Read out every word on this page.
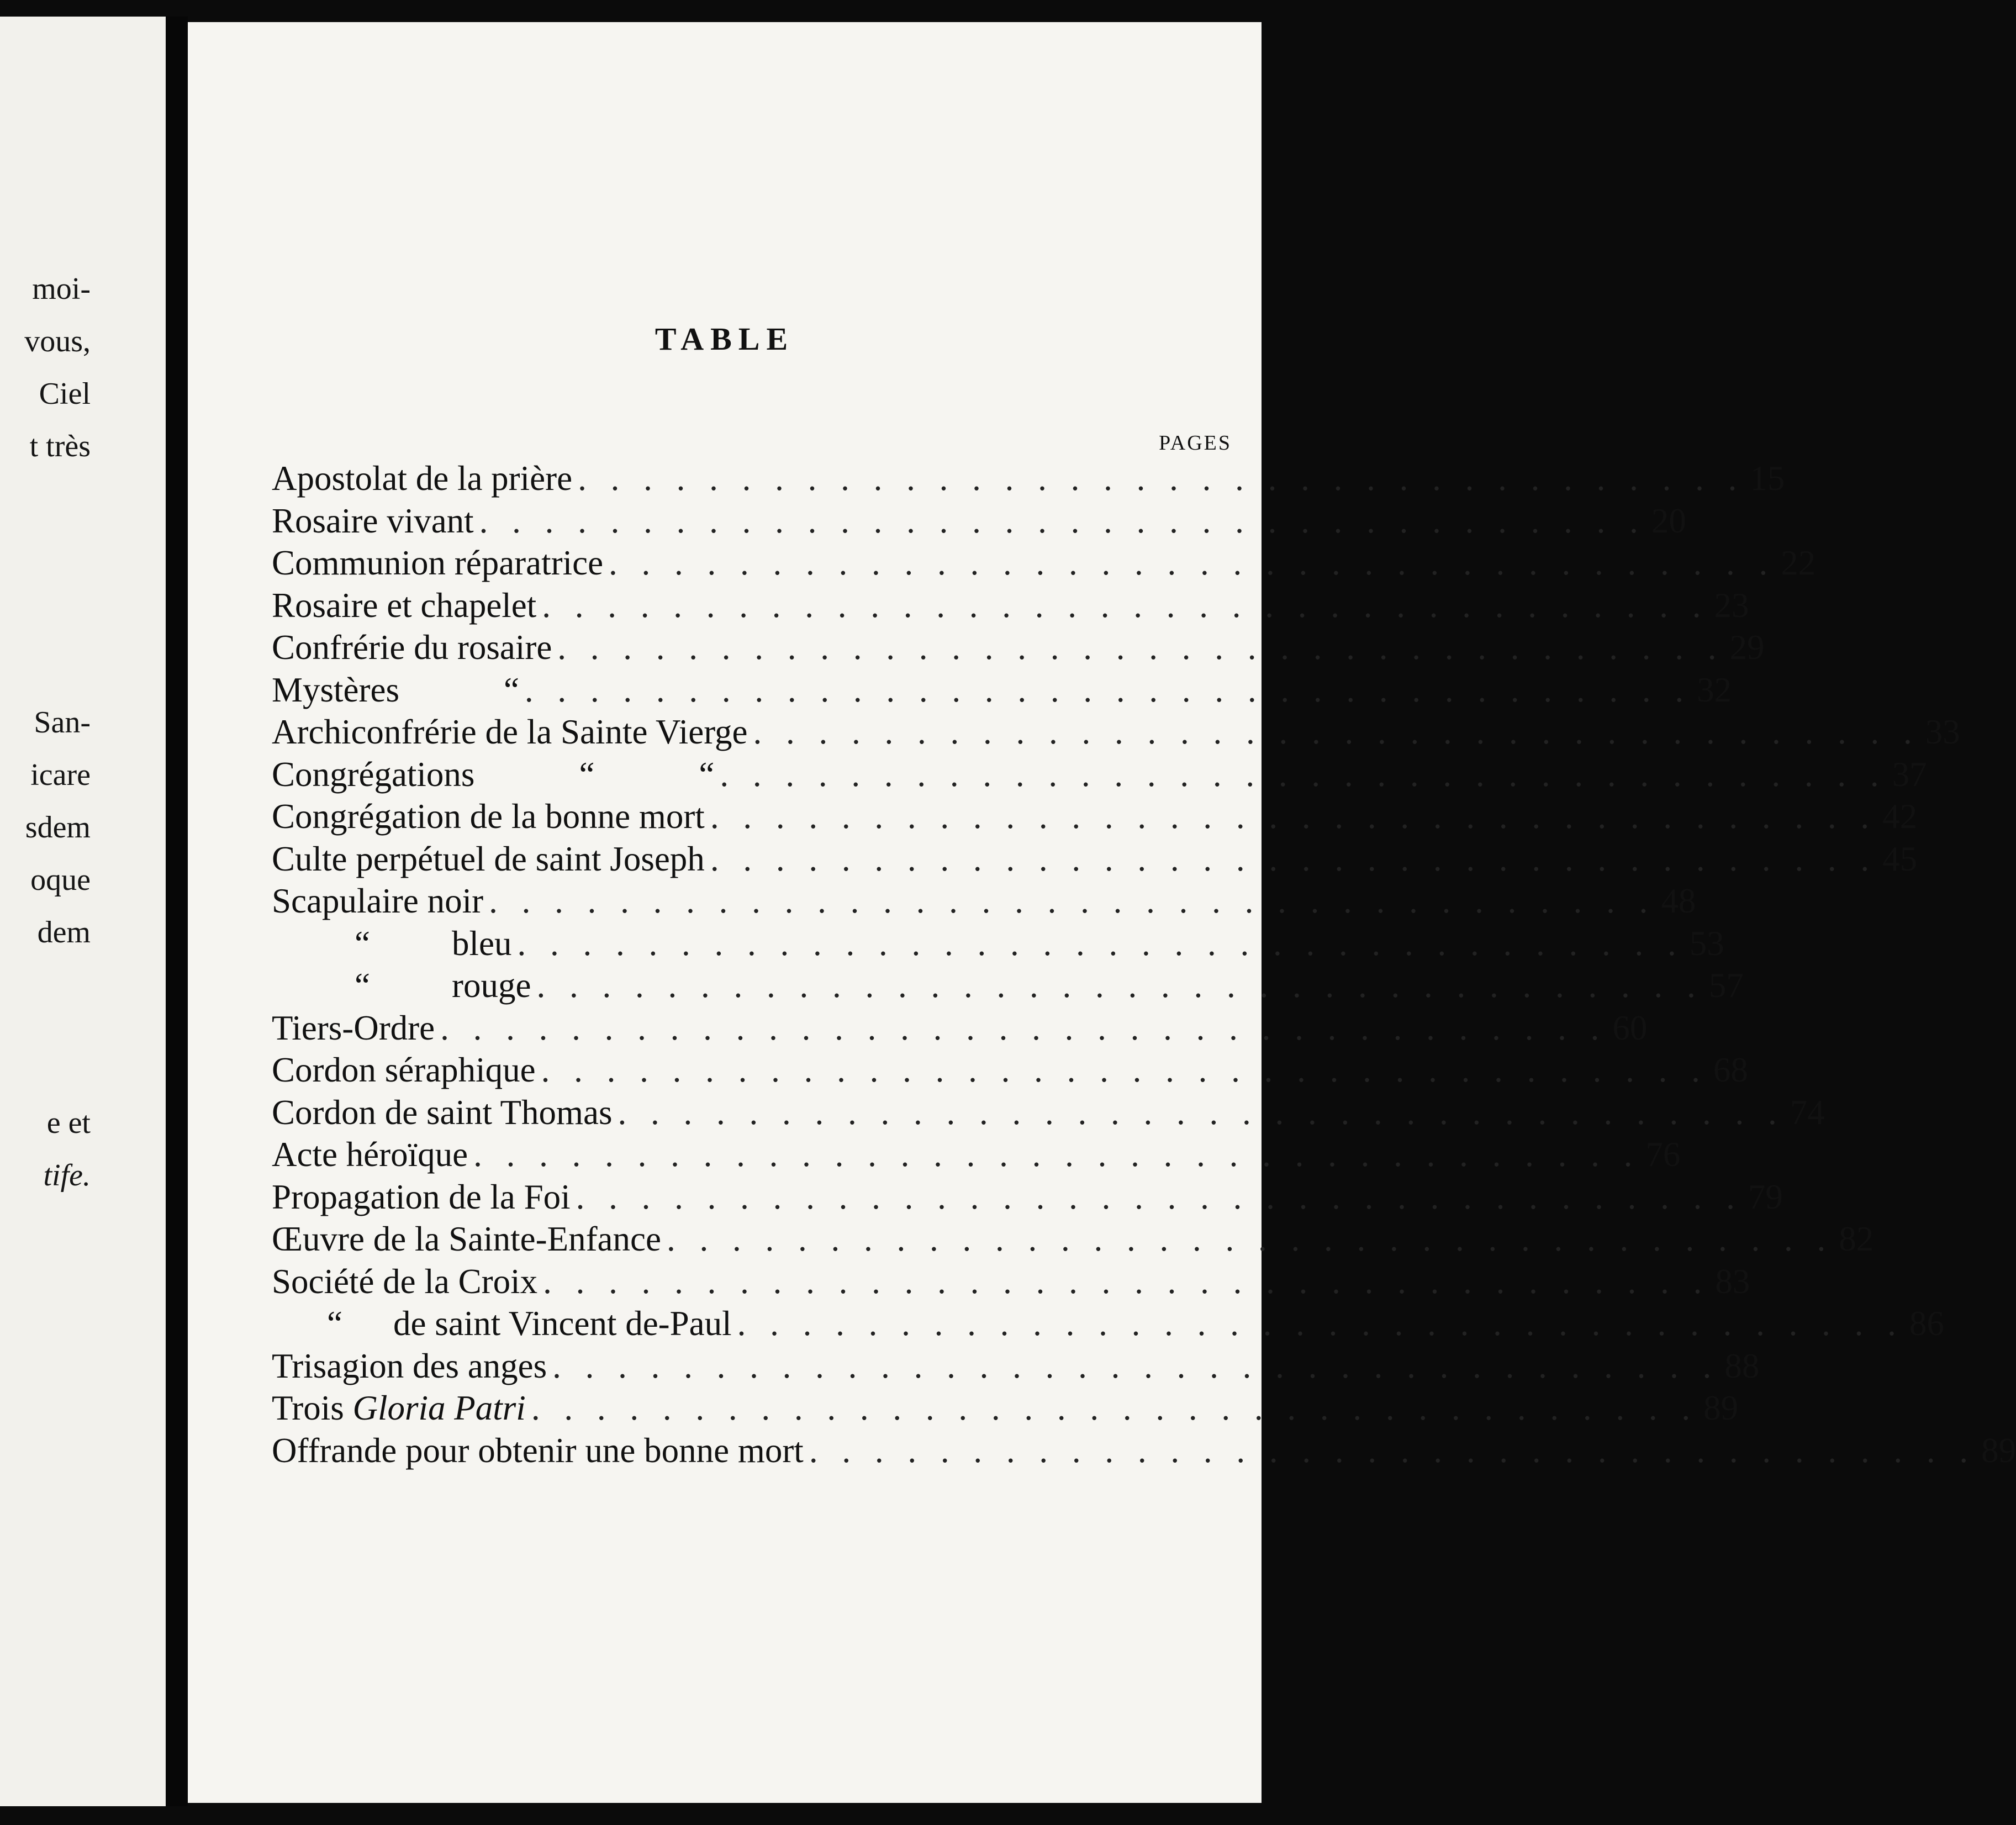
moi-
vous,
Ciel
t très
San-
icare
sdem
oque
dem
e et
tife.
TABLE
PAGES
Apostolat de la prière . . . . . . . . . . . . . . . . . . . . . . . . . . . . . . . . . . . . 15
Rosaire vivant . . . . . . . . . . . . . . . . . . . . . . . . . . . . . . . . . . . . 20
Communion réparatrice . . . . . . . . . . . . . . . . . . . . . . . . . . . . . . . . . . . . 22
Rosaire et chapelet . . . . . . . . . . . . . . . . . . . . . . . . . . . . . . . . . . . . 23
Confrérie du rosaire . . . . . . . . . . . . . . . . . . . . . . . . . . . . . . . . . . . . 29
Mystères            “ . . . . . . . . . . . . . . . . . . . . . . . . . . . . . . . . . . . . 32
Archiconfrérie de la Sainte Vierge . . . . . . . . . . . . . . . . . . . . . . . . . . . . . . . . . . . . 33
Congrégations            “            “ . . . . . . . . . . . . . . . . . . . . . . . . . . . . . . . . . . . . 37
Congrégation de la bonne mort . . . . . . . . . . . . . . . . . . . . . . . . . . . . . . . . . . . . 42
Culte perpétuel de saint Joseph . . . . . . . . . . . . . . . . . . . . . . . . . . . . . . . . . . . . 45
Scapulaire noir . . . . . . . . . . . . . . . . . . . . . . . . . . . . . . . . . . . . 48
“ bleu . . . . . . . . . . . . . . . . . . . . . . . . . . . . . . . . . . . . 53
“ rouge . . . . . . . . . . . . . . . . . . . . . . . . . . . . . . . . . . . . 57
Tiers-Ordre . . . . . . . . . . . . . . . . . . . . . . . . . . . . . . . . . . . . 60
Cordon séraphique . . . . . . . . . . . . . . . . . . . . . . . . . . . . . . . . . . . . 68
Cordon de saint Thomas . . . . . . . . . . . . . . . . . . . . . . . . . . . . . . . . . . . . 74
Acte héroïque . . . . . . . . . . . . . . . . . . . . . . . . . . . . . . . . . . . . 76
Propagation de la Foi . . . . . . . . . . . . . . . . . . . . . . . . . . . . . . . . . . . . 79
Œuvre de la Sainte-Enfance . . . . . . . . . . . . . . . . . . . . . . . . . . . . . . . . . . . . 82
Société de la Croix . . . . . . . . . . . . . . . . . . . . . . . . . . . . . . . . . . . . 83
“ de saint Vincent de-Paul . . . . . . . . . . . . . . . . . . . . . . . . . . . . . . . . . . . . 86
Trisagion des anges . . . . . . . . . . . . . . . . . . . . . . . . . . . . . . . . . . . . 88
Trois Gloria Patri . . . . . . . . . . . . . . . . . . . . . . . . . . . . . . . . . . . . 89
Offrande pour obtenir une bonne mort . . . . . . . . . . . . . . . . . . . . . . . . . . . . . . . . . . . . 89
